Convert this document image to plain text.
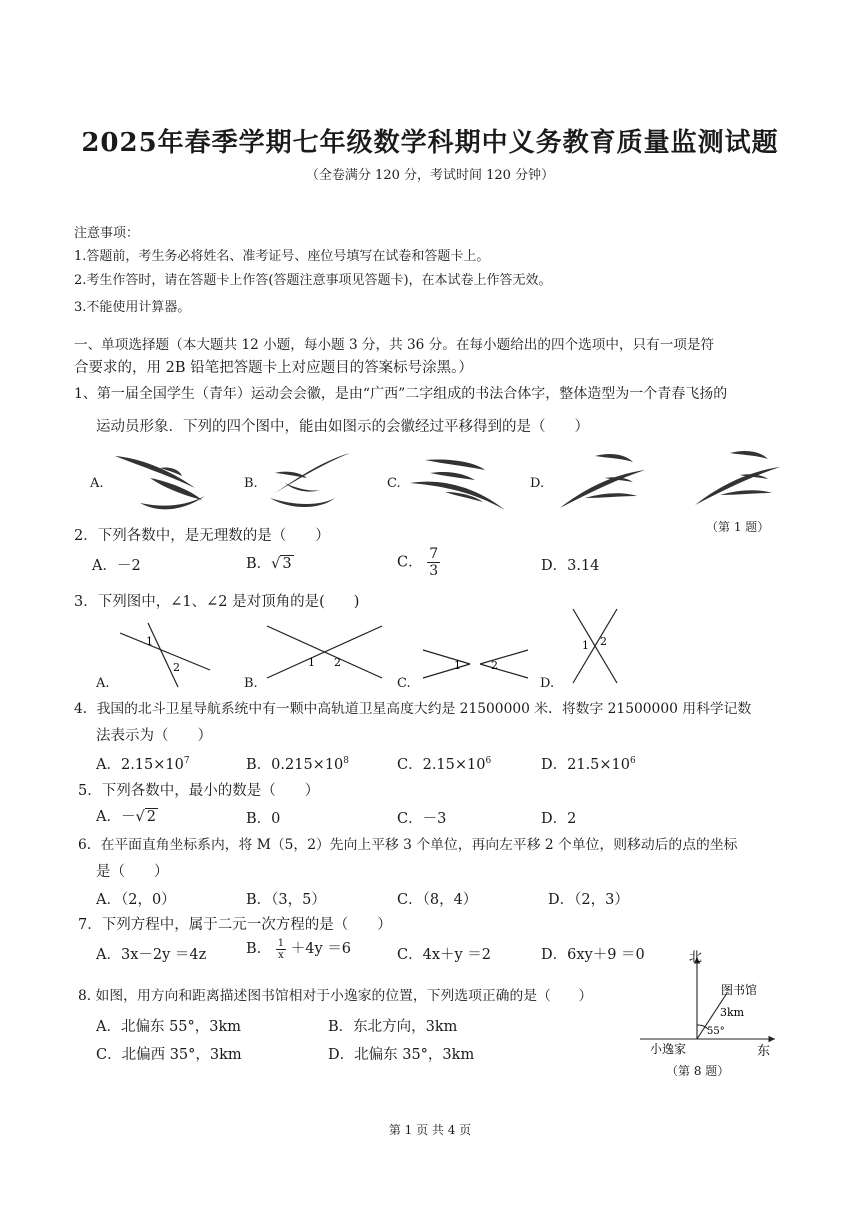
2025年春季学期七年级数学科期中义务教育质量监测试题
（全卷满分 120 分，考试时间 120 分钟）
注意事项：
1.答题前，考生务必将姓名、准考证号、座位号填写在试卷和答题卡上。
2.考生作答时，请在答题卡上作答(答题注意事项见答题卡)，在本试卷上作答无效。
3.不能使用计算器。
一、单项选择题（本大题共 12 小题，每小题 3 分，共 36 分。在每小题给出的四个选项中，只有一项是符
合要求的，用 2B 铅笔把答题卡上对应题目的答案标号涂黑。）
1、第一届全国学生（青年）运动会会徽，是由“广西”二字组成的书法合体字，整体造型为一个青春飞扬的
运动员形象．下列的四个图中，能由如图示的会徽经过平移得到的是（　　）
A.	B.	C.	D.
（第 1 题）
2．下列各数中，是无理数的是（　　）
A．－2	B．√ 3	C． $\frac{7}{3}$	D．3.14
3．下列图中，∠1、∠2 是对顶角的是(　　)
A.	B.	C.	D.
1
2	1 2	1	2
1 2
4．我国的北斗卫星导航系统中有一颗中高轨道卫星高度大约是 21500000 米．将数字 21500000 用科学记数
法表示为（　　）
A．$2.15\times 10^7$	B．$0.215\times 10^8$	C．$2.15\times 10^6$	D．$21.5\times 10^6$
5．下列各数中，最小的数是（　　）
A．－√ 2	B．0	C．－3	D．2
6．在平面直角坐标系内，将 M（5，2）先向上平移 3 个单位，再向左平移 2 个单位，则移动后的点的坐标
是（　　）
A．（2，0）	B．（3，5）	C．（8，4）	D．（2，3）
7．下列方程中，属于二元一次方程的是（　　）
A．3x－2y ＝4z	B． $\frac{1}{x} +4y =6$	C．4x＋y ＝2	D．6xy＋9 ＝0
8. 如图，用方向和距离描述图书馆相对于小逸家的位置，下列选项正确的是（　　）
A．北偏东 55°，3km	B．东北方向，3km
C．北偏西 35°，3km	D．北偏东 35°，3km
北
东
图书馆
3km
55°
小逸家
（第 8 题）
第 1 页 共 4 页
